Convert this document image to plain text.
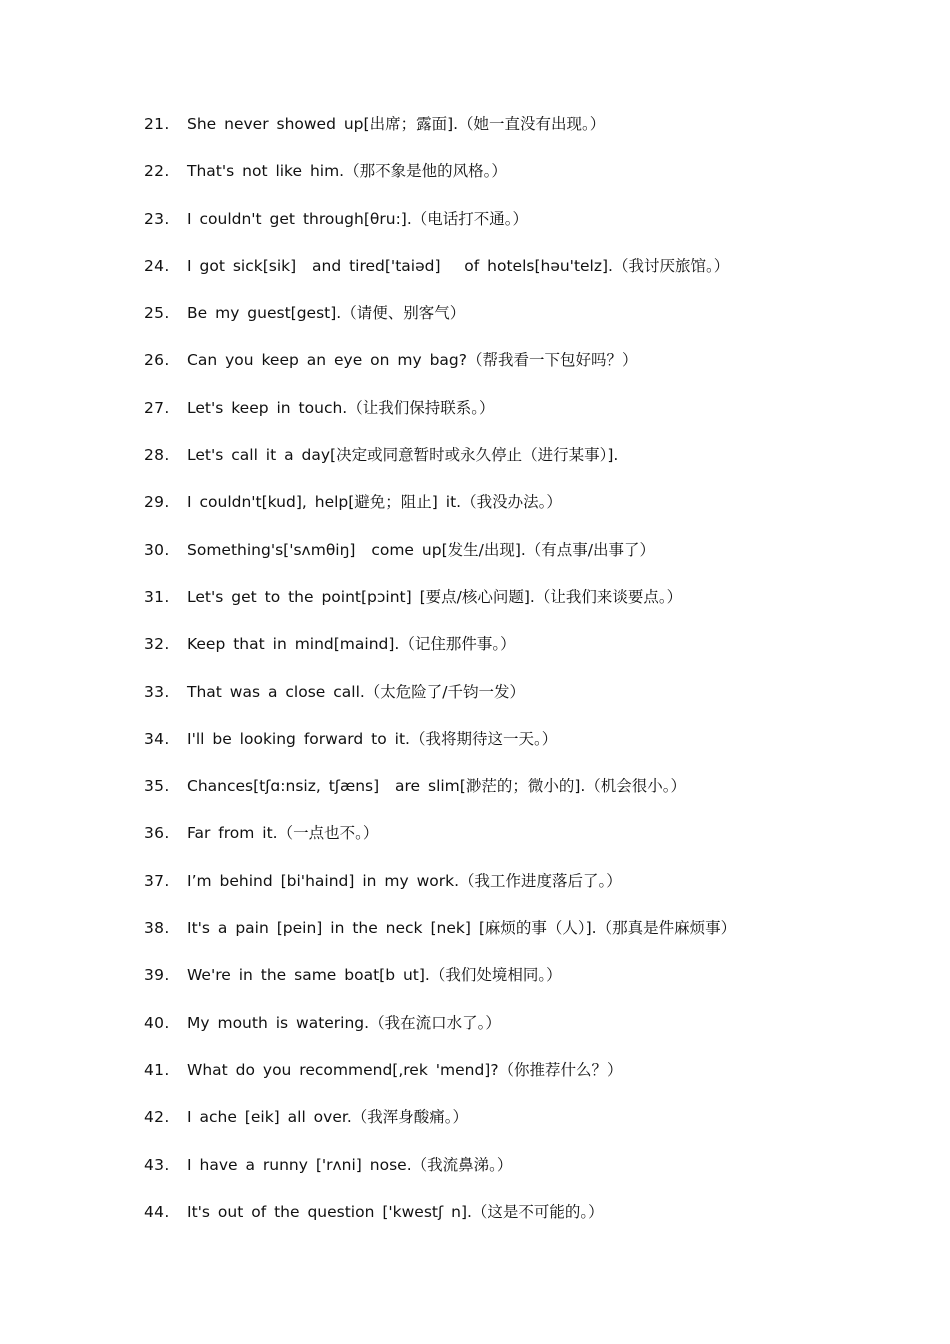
21. She never showed up[出席；露面].（她一直没有出现。）
22. That's not like him.（那不象是他的风格。）
23. I couldn't get through[θru:].（电话打不通。）
24. I got sick[sik]  and tired['taiəd]   of hotels[həu'telz].（我讨厌旅馆。）
25. Be my guest[gest].（请便、别客气）
26. Can you keep an eye on my bag?（帮我看一下包好吗？）
27. Let's keep in touch.（让我们保持联系。）
28. Let's call it a day[决定或同意暂时或永久停止（进行某事）].
29. I couldn't[kud], help[避免；阻止] it.（我没办法。）
30. Something's['sʌmθiŋ]  come up[发生/出现].（有点事/出事了）
31. Let's get to the point[pɔint] [要点/核心问题].（让我们来谈要点。）
32. Keep that in mind[maind].（记住那件事。）
33. That was a close call.（太危险了/千钧一发）
34. I'll be looking forward to it.（我将期待这一天。）
35. Chances[tʃɑ:nsiz, tʃæns]  are slim[渺茫的；微小的].（机会很小。）
36. Far from it.（一点也不。）
37. I’m behind [bi'haind] in my work.（我工作进度落后了。）
38. It's a pain [pein] in the neck [nek] [麻烦的事（人）].（那真是件麻烦事）
39. We're in the same boat[b ut].（我们处境相同。）
40. My mouth is watering.（我在流口水了。）
41. What do you recommend[,rek 'mend]?（你推荐什么？）
42. I ache [eik] all over.（我浑身酸痛。）
43. I have a runny ['rʌni] nose.（我流鼻涕。）
44. It's out of the question ['kwestʃ n].（这是不可能的。）
